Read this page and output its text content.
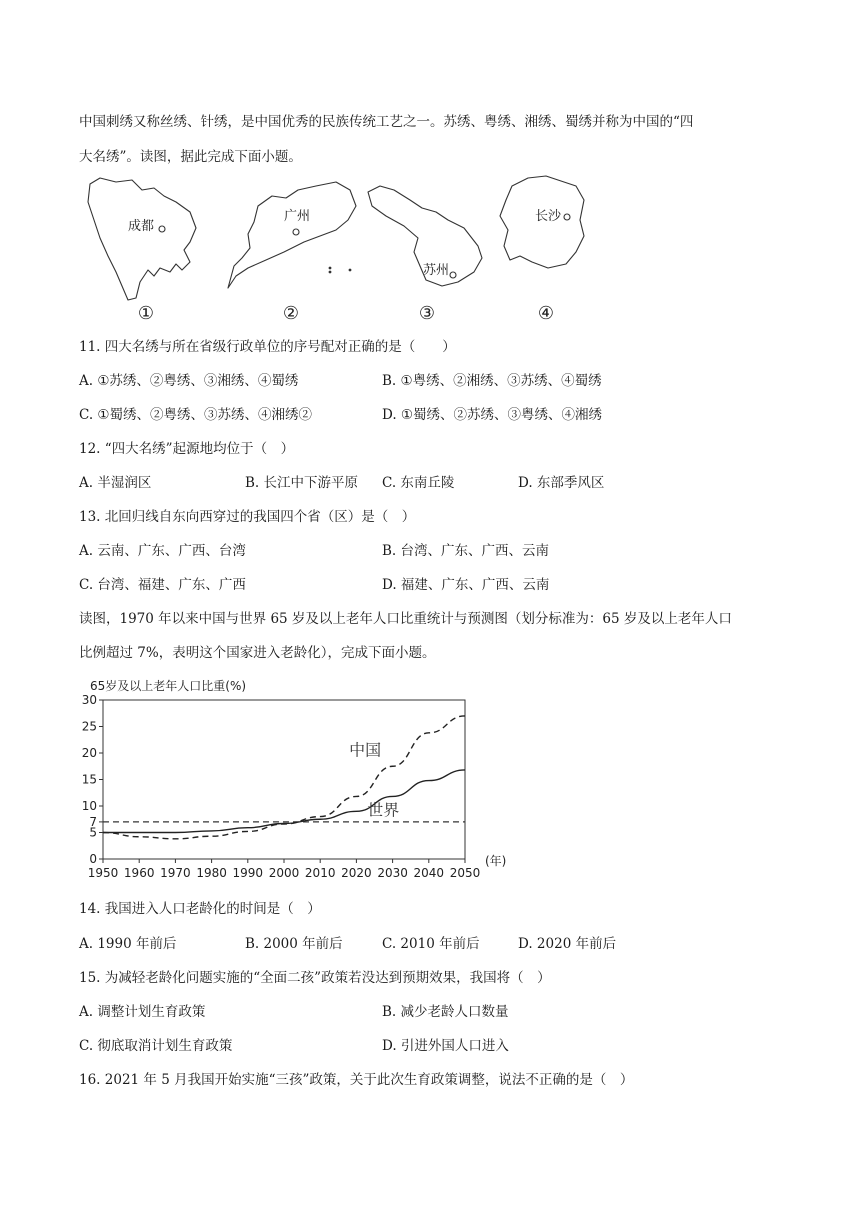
中国刺绣又称丝绣、针绣，是中国优秀的民族传统工艺之一。苏绣、粤绣、湘绣、蜀绣并称为中国的“四
大名绣”。读图，据此完成下面小题。
成都
广州
苏州
长沙
①	②	③	④
11. 四大名绣与所在省级行政单位的序号配对正确的是（　　）
A. ①苏绣、②粤绣、③湘绣、④蜀绣	B. ①粤绣、②湘绣、③苏绣、④蜀绣
C. ①蜀绣、②粤绣、③苏绣、④湘绣②	D. ①蜀绣、②苏绣、③粤绣、④湘绣
12. “四大名绣”起源地均位于（　）
A. 半湿润区	B. 长江中下游平原 C. 东南丘陵	D. 东部季风区
13. 北回归线自东向西穿过的我国四个省（区）是（　）
A. 云南、广东、广西、台湾	B. 台湾、广东、广西、云南
C. 台湾、福建、广东、广西	D. 福建、广东、广西、云南
读图，1970 年以来中国与世界 65 岁及以上老年人口比重统计与预测图（划分标准为：65 岁及以上老年人口
比例超过 7%，表明这个国家进入老龄化），完成下面小题。
65岁及以上老年人口比重(%)
0
5
7
10
15
20
25
30
1950 1960 1970 1980 1990 2000 2010 2020 2030 2040 2050
(年)
中国
世界
14. 我国进入人口老龄化的时间是（　）
A. 1990 年前后	B. 2000 年前后	C. 2010 年前后	D. 2020 年前后
15. 为减轻老龄化问题实施的“全面二孩”政策若没达到预期效果，我国将（　）
A. 调整计划生育政策	B. 减少老龄人口数量
C. 彻底取消计划生育政策	D. 引进外国人口进入
16. 2021 年 5 月我国开始实施“三孩”政策，关于此次生育政策调整，说法不正确的是（　）
